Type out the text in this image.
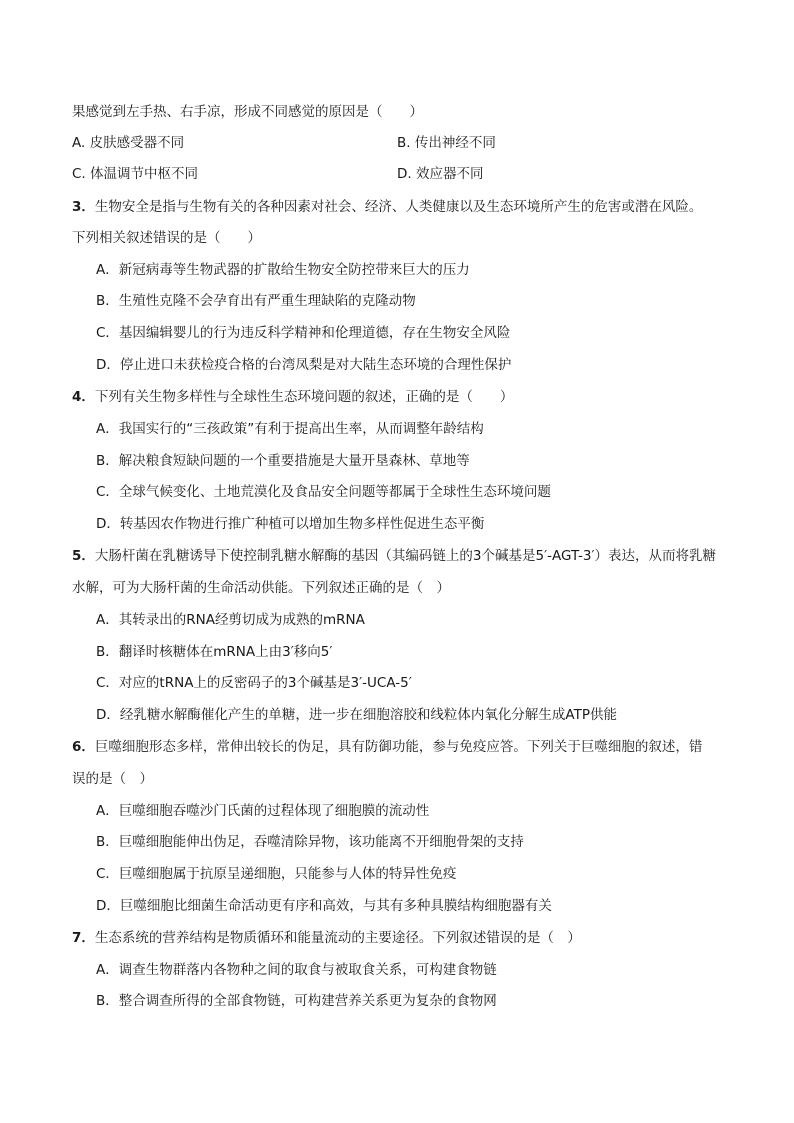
果感觉到左手热、右手凉，形成不同感觉的原因是（　　）
A. 皮肤感受器不同	B. 传出神经不同
C. 体温调节中枢不同	D. 效应器不同
3．生物安全是指与生物有关的各种因素对社会、经济、人类健康以及生态环境所产生的危害或潜在风险。
下列相关叙述错误的是（　　）
A．新冠病毒等生物武器的扩散给生物安全防控带来巨大的压力
B．生殖性克隆不会孕育出有严重生理缺陷的克隆动物
C．基因编辑婴儿的行为违反科学精神和伦理道德，存在生物安全风险
D．停止进口未获检疫合格的台湾凤梨是对大陆生态环境的合理性保护
4．下列有关生物多样性与全球性生态环境问题的叙述，正确的是（　　）
A．我国实行的“三孩政策”有利于提高出生率，从而调整年龄结构
B．解决粮食短缺问题的一个重要措施是大量开垦森林、草地等
C．全球气候变化、土地荒漠化及食品安全问题等都属于全球性生态环境问题
D．转基因农作物进行推广种植可以增加生物多样性促进生态平衡
5．大肠杆菌在乳糖诱导下使控制乳糖水解酶的基因（其编码链上的3个碱基是5′-AGT-3′）表达，从而将乳糖
水解，可为大肠杆菌的生命活动供能。下列叙述正确的是（　）
A．其转录出的RNA经剪切成为成熟的mRNA
B．翻译时核糖体在mRNA上由3′移向5′
C．对应的tRNA上的反密码子的3个碱基是3′-UCA-5′
D．经乳糖水解酶催化产生的单糖，进一步在细胞溶胶和线粒体内氧化分解生成ATP供能
6．巨噬细胞形态多样，常伸出较长的伪足，具有防御功能，参与免疫应答。下列关于巨噬细胞的叙述，错
误的是（　）
A．巨噬细胞吞噬沙门氏菌的过程体现了细胞膜的流动性
B．巨噬细胞能伸出伪足，吞噬清除异物，该功能离不开细胞骨架的支持
C．巨噬细胞属于抗原呈递细胞，只能参与人体的特异性免疫
D．巨噬细胞比细菌生命活动更有序和高效，与其有多种具膜结构细胞器有关
7．生态系统的营养结构是物质循环和能量流动的主要途径。下列叙述错误的是（　）
A．调查生物群落内各物种之间的取食与被取食关系，可构建食物链
B．整合调查所得的全部食物链，可构建营养关系更为复杂的食物网
